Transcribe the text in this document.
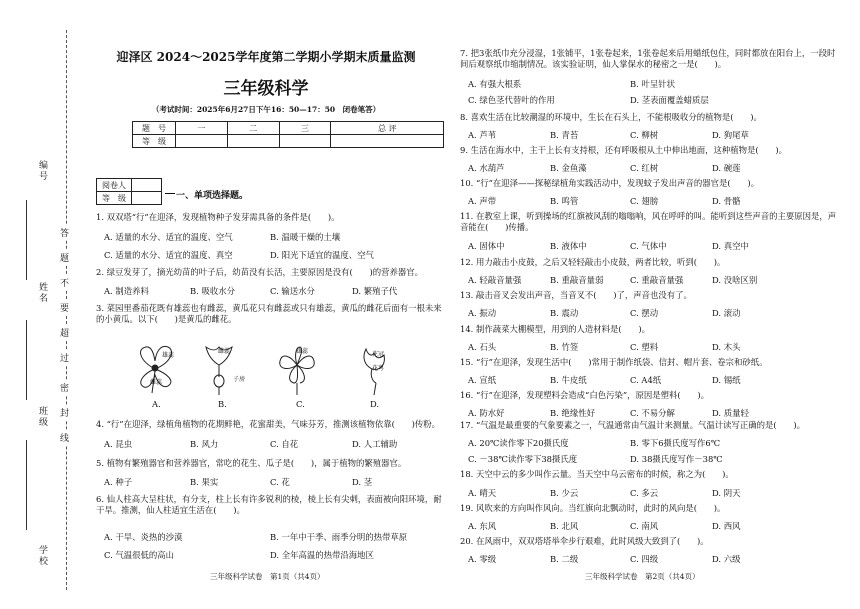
编号
姓名
班级
学校
答
题
不
要
超
过
密
封
线
迎泽区 2024～2025学年度第二学期小学期末质量监测
三年级科学
（考试时间：2025年6月27日下午16：50—17：50　闭卷笔答）
题　号	一	二	三	总 评
等　级				
阅卷人	
等　级		一、单项选择题。
1. 双双塔“行”在迎泽，发现植物种子发芽需具备的条件是(　　)。
A. 适量的水分、适宜的温度、空气	B. 温暖干燥的土壤
C. 适量的水分、适宜的温度、真空	D. 阳光下适宜的温度、空气
2. 绿豆发芽了，摘光幼苗的叶子后，幼苗没有长活，主要原因是没有(　　)的营养器官。
A. 制造养料	B. 吸收水分	C. 输送水分	D. 繁殖子代
3. 菜园里番茄花既有雄蕊也有雌蕊，黄瓜花只有雌蕊或只有雄蕊，黄瓜的雌花后面有一根未来的小黄瓜。以下(　　)是黄瓜的雌花。
雄蕊
雌蕊
雌蕊
子房
雄蕊	花冠
花萼
A.	B.	C.	D.
4. “行”在迎泽，绿植角植物的花期鲜艳，花蜜甜美，气味芬芳，推测该植物依靠(　　)传粉。
A. 昆虫	B. 风力	C. 自花	D. 人工辅助
5. 植物有繁殖器官和营养器官，常吃的花生、瓜子是(　　)，属于植物的繁殖器官。
A. 种子	B. 果实	C. 花	D. 茎
6. 仙人柱高大呈柱状，有分支，柱上长有许多锐利的棱，棱上长有尖刺，表面被向阳环境，耐干旱。推测，仙人柱适宜生活在(　　)。
A. 干旱、炎热的沙漠	B. 一年中干季、雨季分明的热带草原
C. 气温很低的高山	D. 全年高温的热带沿海地区
三年级科学试卷　第1页（共4页）
7. 把3张纸巾充分浸湿，1张铺平，1张卷起来，1张卷起来后用蜡纸包住，同时都放在阳台上，一段时间后观察纸巾缩制情况。该实验证明，仙人掌保水的秘密之一是(　　)。
A. 有强大根系	B. 叶呈针状
C. 绿色茎代替叶的作用	D. 茎表面覆盖蜡质层
8. 喜欢生活在比较潮湿的环境中，生长在石头上，不能根吸收分的植物是(　　)。
A. 芦苇	B. 青苔	C. 柳树	D. 狗尾草
9. 生活在海水中，主干上长有支持根，还有呼吸根从土中伸出地面，这种植物是(　　)。
A. 水葫芦	B. 金鱼藻	C. 红树	D. 碗莲
10. “行”在迎泽——探秘绿植角实践活动中，发现蚊子发出声音的器官是(　　)。
A. 声带	B. 鸣管	C. 翅膀	D. 骨骼
11. 在教室上课，听到操场的红旗被风刮的嗡嗡响，风在呼呼的叫。能听到这些声音的主要原因是，声音能在(　　)传播。
A. 固体中	B. 液体中	C. 气体中	D. 真空中
12. 用力敲击小皮鼓，之后又轻轻敲击小皮鼓，两者比较，听到(　　)。
A. 轻敲音量强	B. 重敲音量弱	C. 重敲音量强	D. 没啥区别
13. 敲击音叉会发出声音，当音叉不(　　)了，声音也没有了。
A. 振动	B. 震动	C. 摆动	D. 滚动
14. 制作蔬菜大棚模型，用到的人造材料是(　　)。
A. 石头	B. 竹签	C. 塑料	D. 木头
15. “行”在迎泽，发现生活中(　　)常用于制作纸袋、信封、帽片套、卷宗和砂纸。
A. 宣纸	B. 牛皮纸	C. A4纸	D. 锡纸
16. “行”在迎泽，发现塑料会造成“白色污染”，原因是塑料(　　)。
A. 防水好	B. 绝缘性好	C. 不易分解	D. 质量轻
17. “气温是最重要的气象要素之一，气温通常由气温计来测量。气温计读写正确的是(　　)。
A. 20℃读作零下20摄氏度	B. 零下6摄氏度写作6℃
C. －38℃读作零下38摄氏度	D. 38摄氏度写作－38℃
18. 天空中云的多少叫作云量。当天空中乌云密布的时候，称之为(　　)。
A. 晴天	B. 少云	C. 多云	D. 阴天
19. 风吹来的方向叫作风向。当红旗向北飘动时，此时的风向是(　　)。
A. 东风	B. 北风	C. 南风	D. 西风
20. 在风雨中，双双塔塔举伞步行艰难，此时风级大致到了(　　)。
A. 零级	B. 二级	C. 四级	D. 六级
三年级科学试卷　第2页（共4页）
